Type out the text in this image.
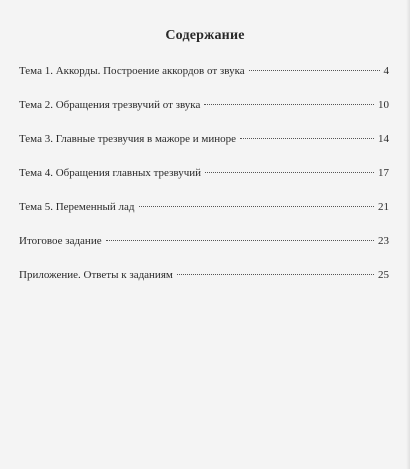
Содержание
Тема 1. Аккорды. Построение аккордов от звука	4
Тема 2. Обращения трезвучий от звука	10
Тема 3. Главные трезвучия в мажоре и миноре	14
Тема 4. Обращения главных трезвучий	17
Тема 5. Переменный лад	21
Итоговое задание	23
Приложение. Ответы к заданиям	25
